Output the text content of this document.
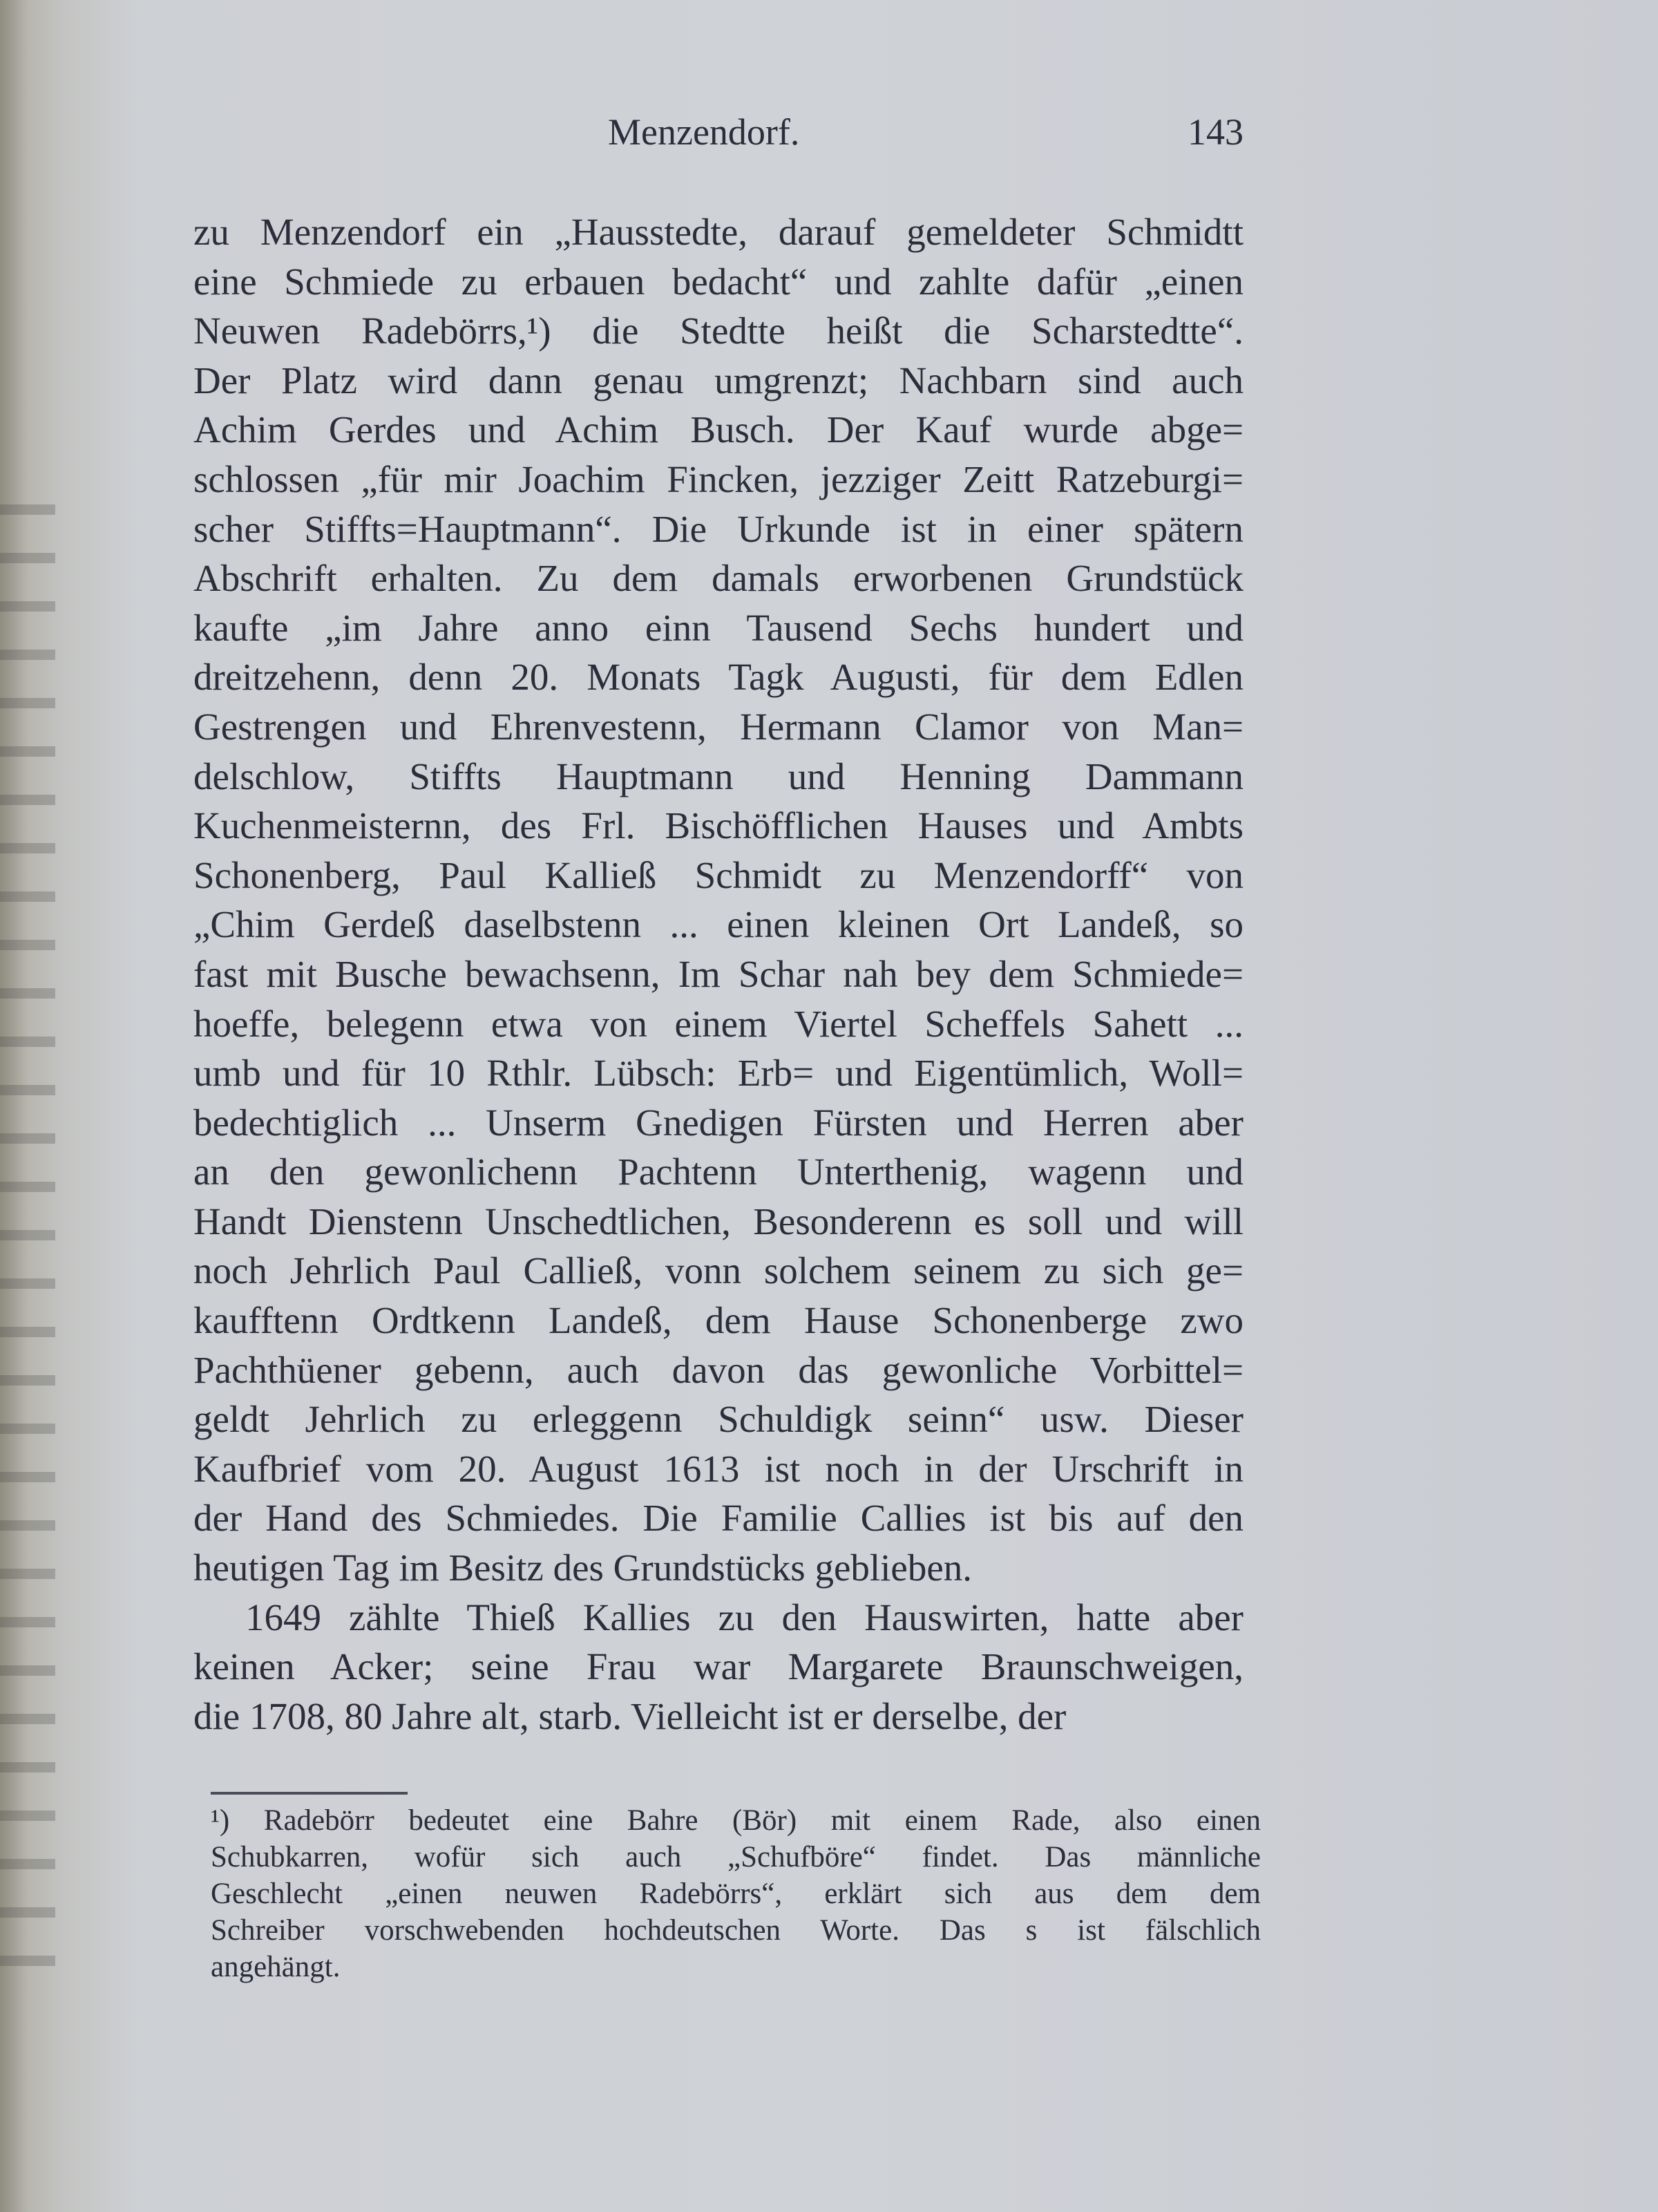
Menzendorf.	143
zu Menzendorf ein „Hausstedte, darauf gemeldeter Schmidtt
eine Schmiede zu erbauen bedacht“ und zahlte dafür „einen
Neuwen Radebörrs,¹) die Stedtte heißt die Scharstedtte“.
Der Platz wird dann genau umgrenzt; Nachbarn sind auch
Achim Gerdes und Achim Busch. Der Kauf wurde abge=
schlossen „für mir Joachim Fincken, jezziger Zeitt Ratzeburgi=
scher Stiffts=Hauptmann“. Die Urkunde ist in einer spätern
Abschrift erhalten. Zu dem damals erworbenen Grundstück
kaufte „im Jahre anno einn Tausend Sechs hundert und
dreitzehenn, denn 20. Monats Tagk Augusti, für dem Edlen
Gestrengen und Ehrenvestenn, Hermann Clamor von Man=
delschlow, Stiffts Hauptmann und Henning Dammann
Kuchenmeisternn, des Frl. Bischöfflichen Hauses und Ambts
Schonenberg, Paul Kalließ Schmidt zu Menzendorff“ von
„Chim Gerdeß daselbstenn ... einen kleinen Ort Landeß, so
fast mit Busche bewachsenn, Im Schar nah bey dem Schmiede=
hoeffe, belegenn etwa von einem Viertel Scheffels Sahett ...
umb und für 10 Rthlr. Lübsch: Erb= und Eigentümlich, Woll=
bedechtiglich ... Unserm Gnedigen Fürsten und Herren aber
an den gewonlichenn Pachtenn Unterthenig, wagenn und
Handt Dienstenn Unschedtlichen, Besonderenn es soll und will
noch Jehrlich Paul Calließ, vonn solchem seinem zu sich ge=
kaufftenn Ordtkenn Landeß, dem Hause Schonenberge zwo
Pachthüener gebenn, auch davon das gewonliche Vorbittel=
geldt Jehrlich zu erleggenn Schuldigk seinn“ usw. Dieser
Kaufbrief vom 20. August 1613 ist noch in der Urschrift in
der Hand des Schmiedes. Die Familie Callies ist bis auf den
heutigen Tag im Besitz des Grundstücks geblieben.
1649 zählte Thieß Kallies zu den Hauswirten, hatte aber
keinen Acker; seine Frau war Margarete Braunschweigen,
die 1708, 80 Jahre alt, starb. Vielleicht ist er derselbe, der
¹) Radebörr bedeutet eine Bahre (Bör) mit einem Rade, also einen
Schubkarren, wofür sich auch „Schufböre“ findet. Das männliche
Geschlecht „einen neuwen Radebörrs“, erklärt sich aus dem dem
Schreiber vorschwebenden hochdeutschen Worte. Das s ist fälschlich
angehängt.
